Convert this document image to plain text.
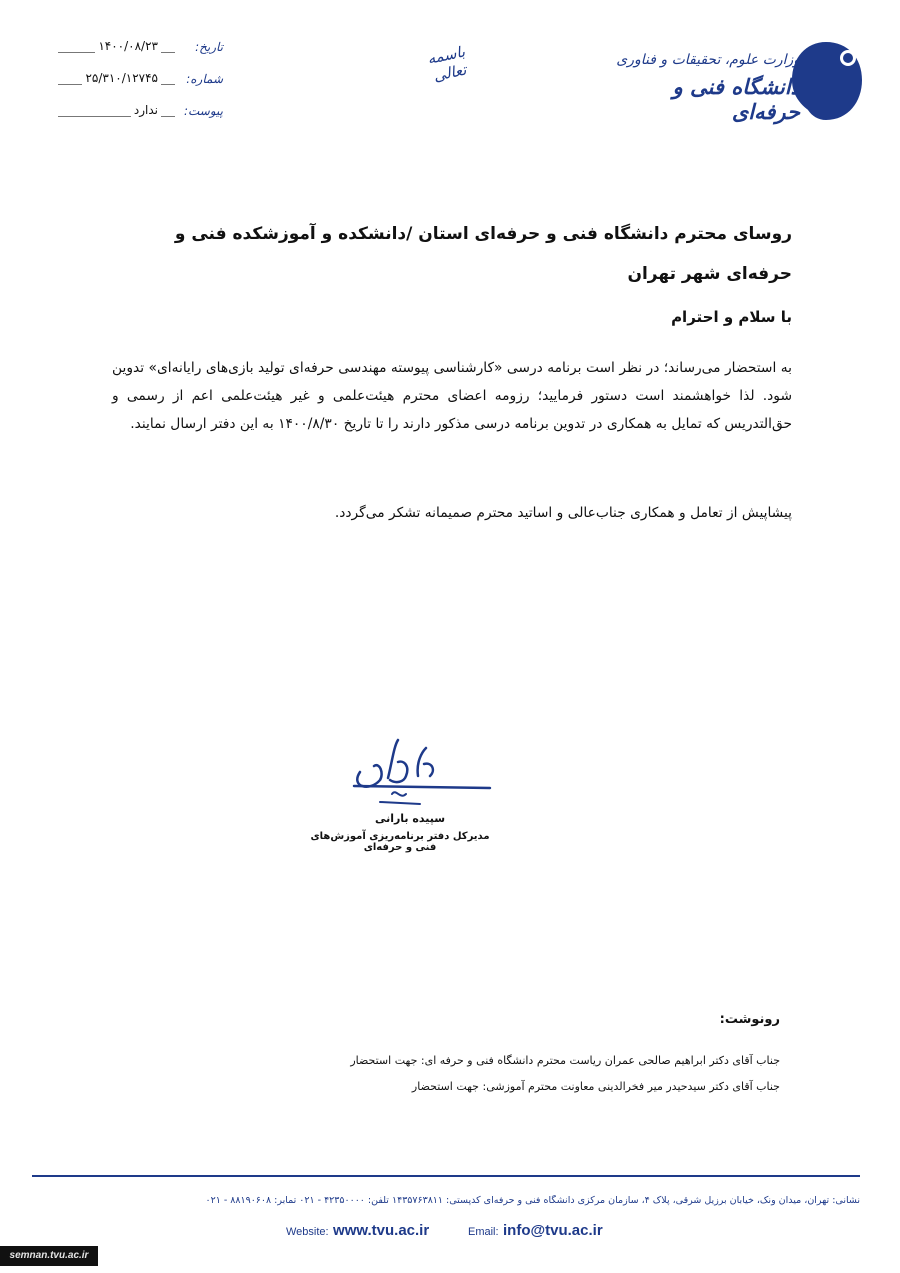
تاریخ:
۱۴۰۰/۰۸/۲۳
شماره:
۲۵/۳۱۰/۱۲۷۴۵
پیوست:
ندارد
باسمه تعالی
وزارت علوم، تحقیقات و فناوری
دانشگاه فنی و حرفه‌ای
روسای محترم دانشگاه فنی و حرفه‌ای استان /دانشکده و آموزشکده فنی و حرفه‌ای شهر تهران
با سلام و احترام
به استحضار می‌رساند؛ در نظر است برنامه درسی «کارشناسی پیوسته مهندسی حرفه‌ای تولید بازی‌های رایانه‌ای» تدوین شود. لذا خواهشمند است دستور فرمایید؛ رزومه اعضای محترم هیئت‌علمی و غیر هیئت‌علمی اعم از رسمی و حق‌التدریس که تمایل به همکاری در تدوین برنامه درسی مذکور دارند را تا تاریخ ۱۴۰۰/۸/۳۰ به این دفتر ارسال نمایند.
پیشاپیش از تعامل و همکاری جناب‌عالی و اساتید محترم صمیمانه تشکر می‌گردد.
سپیده بارانی
مدیرکل دفتر برنامه‌ریزی آموزش‌های فنی و حرفه‌ای
رونوشت:
جناب آقای دکتر ابراهیم صالحی عمران ریاست محترم دانشگاه فنی و حرفه ای: جهت استحضار
جناب آقای دکتر سیدحیدر میر فخرالدینی معاونت محترم آموزشی: جهت استحضار
نشانی: تهران، میدان ونک، خیابان برزیل شرقی، پلاک ۴، سازمان مرکزی دانشگاه فنی و حرفه‌ای کدپستی: ۱۴۳۵۷۶۳۸۱۱ تلفن: ۴۲۳۵۰۰۰۰ - ۰۲۱ تمابر: ۸۸۱۹۰۶۰۸ - ۰۲۱
Website: www.tvu.ac.ir	Email: info@tvu.ac.ir
semnan.tvu.ac.ir
